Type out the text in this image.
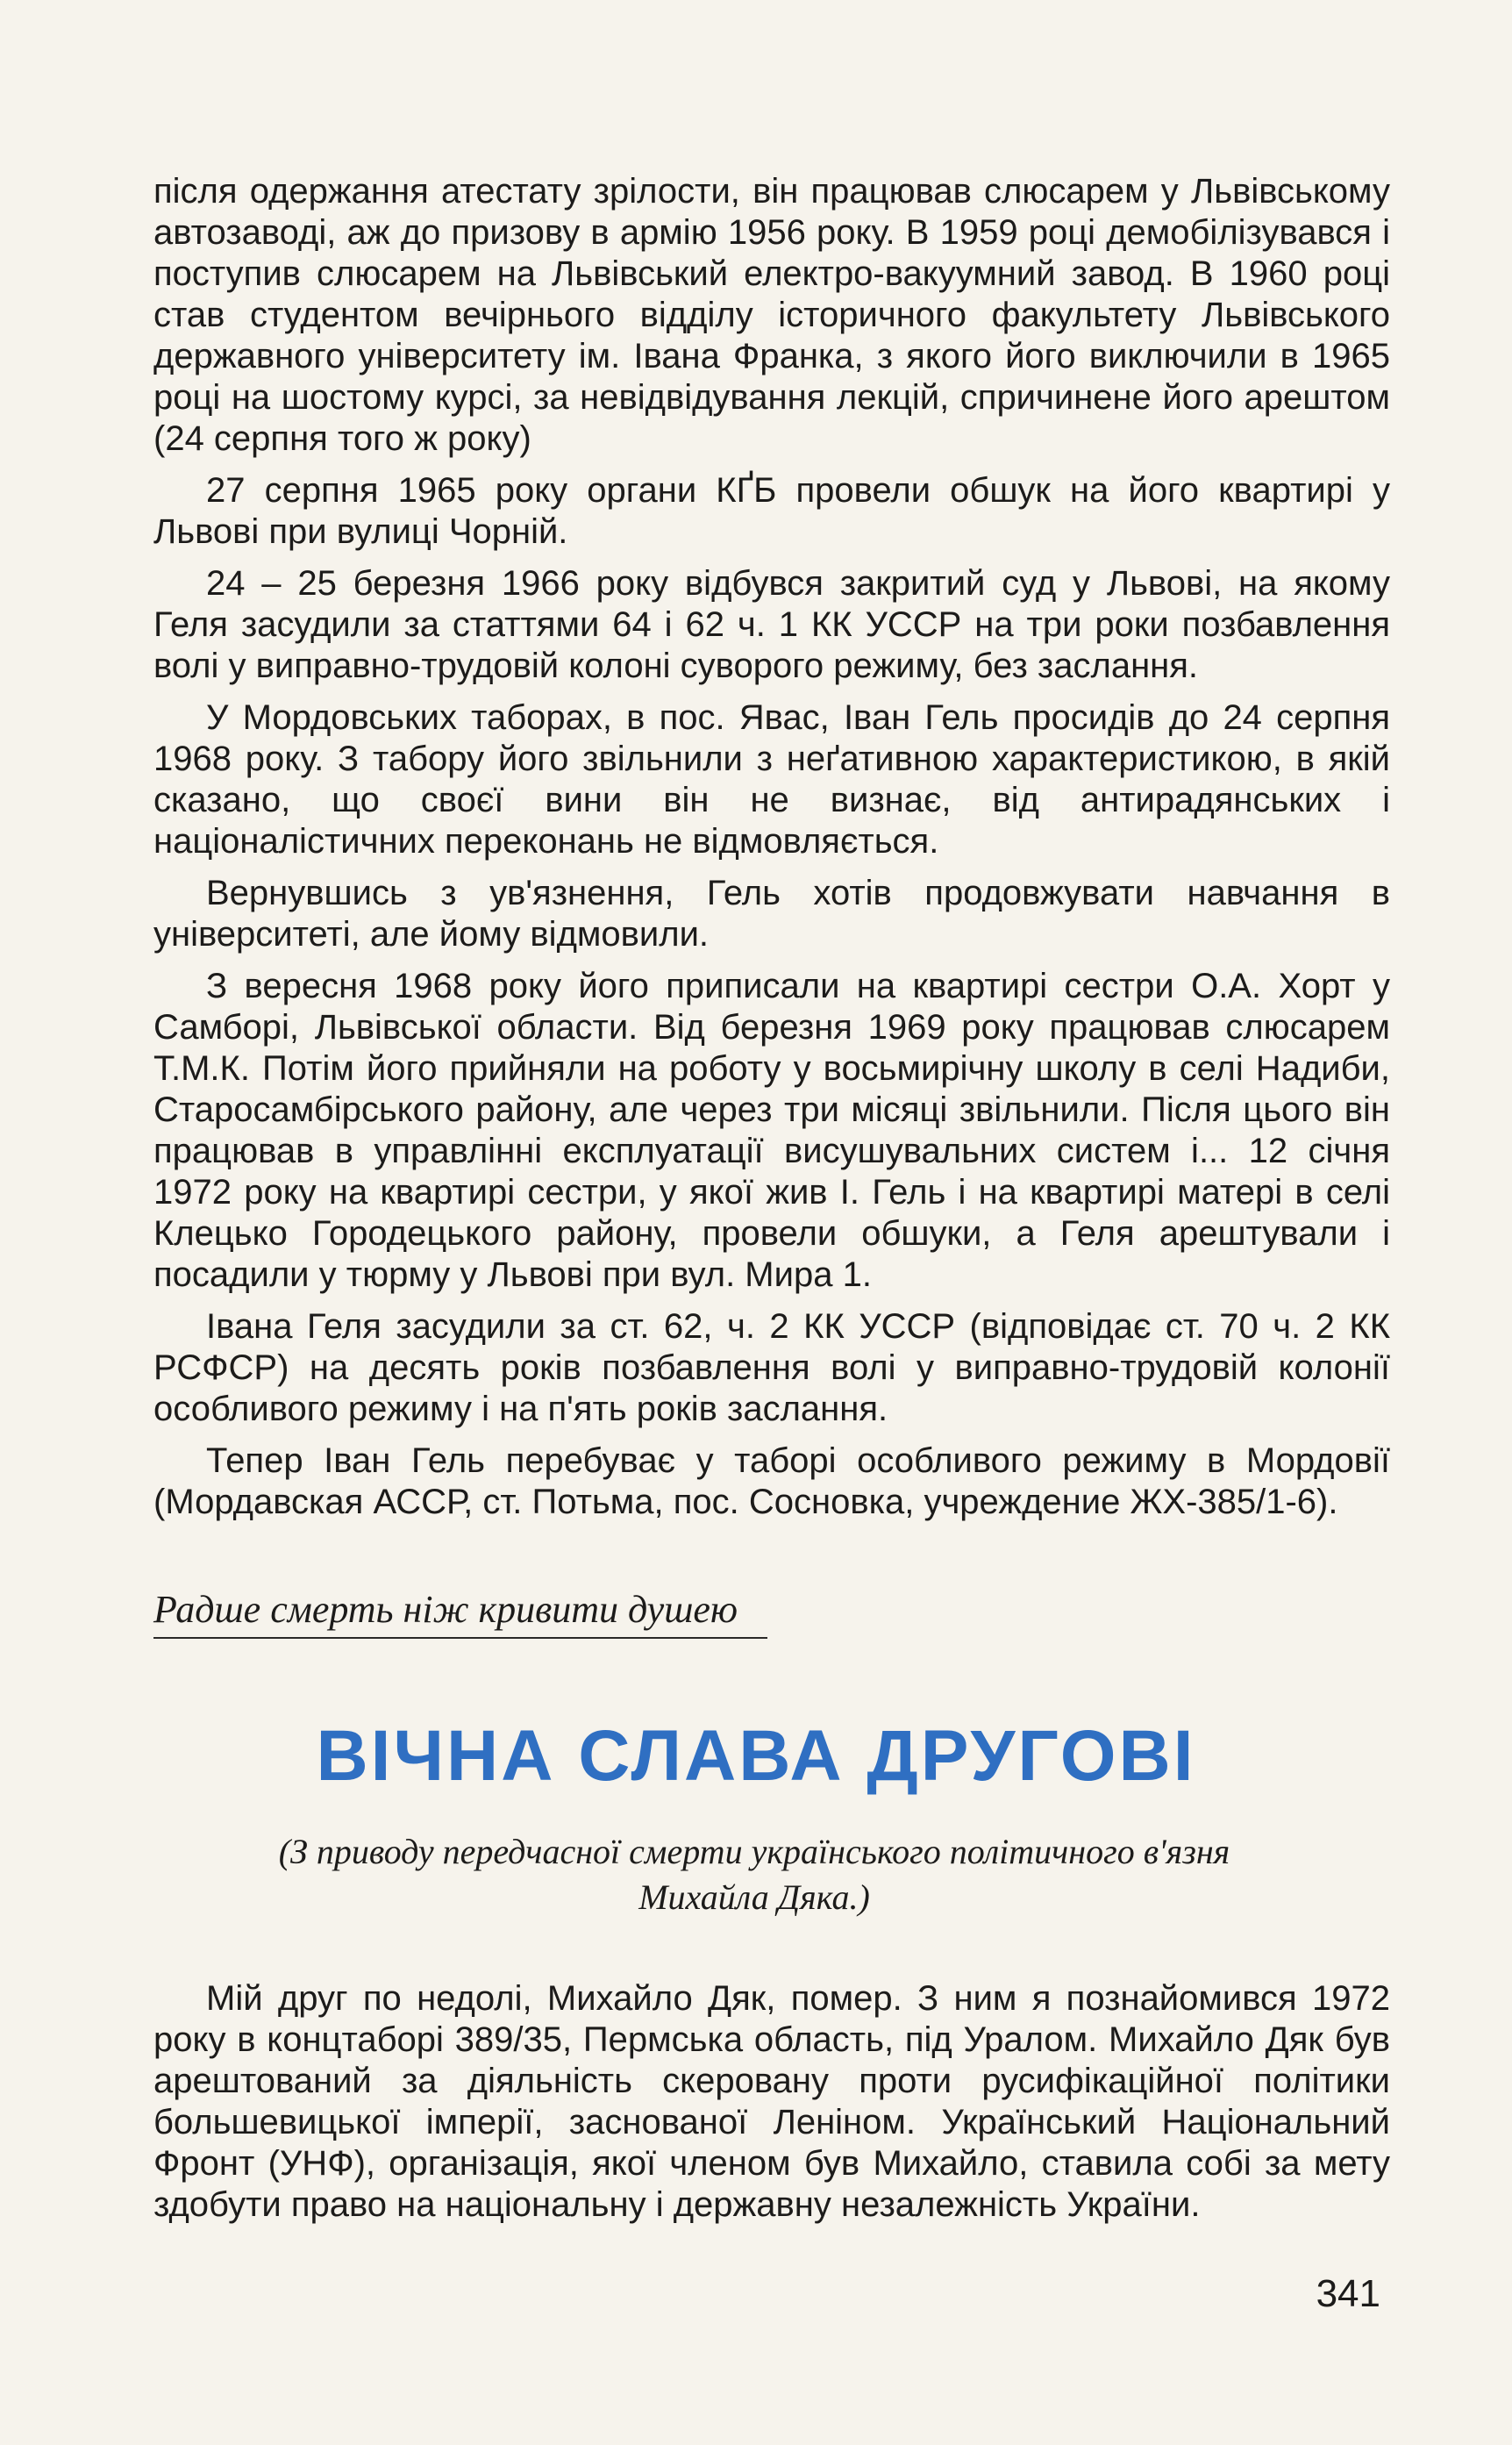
після одержання атестату зрілости, він працював слюсарем у Львівському автозаводі, аж до призову в армію 1956 року. В 1959 році демобілізувався і поступив слюсарем на Львівський електро-вакуумний завод. В 1960 році став студентом вечірнього відділу історичного факультету Львівського державного університету ім. Івана Франка, з якого його виключили в 1965 році на шостому курсі, за невідвідування лекцій, спричинене його арештом (24 серпня того ж року)

27 серпня 1965 року органи КҐБ провели обшук на його квартирі у Львові при вулиці Чорній.

24 – 25 березня 1966 року відбувся закритий суд у Львові, на якому Геля засудили за статтями 64 і 62 ч. 1 КК УССР на три роки позбавлення волі у виправно-трудовій колоні суворого режиму, без заслання.

У Мордовських таборах, в пос. Явас, Іван Гель просидів до 24 серпня 1968 року. З табору його звільнили з неґативною характеристикою, в якій сказано, що своєї вини він не визнає, від антирадянських і націоналістичних переконань не відмовляється.

Вернувшись з ув'язнення, Гель хотів продовжувати навчання в університеті, але йому відмовили.

З вересня 1968 року його приписали на квартирі сестри О.А. Хорт у Самборі, Львівської области. Від березня 1969 року працював слюсарем Т.М.К. Потім його прийняли на роботу у восьмирічну школу в селі Надиби, Старосамбірського району, але через три місяці звільнили. Після цього він працював в управлінні експлуатації висушувальних систем і... 12 січня 1972 року на квартирі сестри, у якої жив І. Гель і на квартирі матері в селі Клецько Городецького району, провели обшуки, а Геля арештували і посадили у тюрму у Львові при вул. Мира 1.

Івана Геля засудили за ст. 62, ч. 2 КК УССР (відповідає ст. 70 ч. 2 КК РСФСР) на десять років позбавлення волі у виправно-трудовій колонії особливого режиму і на п'ять років заслання.

Тепер Іван Гель перебуває у таборі особливого режиму в Мордовії (Мордавская АССР, ст. Потьма, пос. Сосновка, учреждение ЖХ-385/1-6).

Радше смерть ніж кривити душею
ВІЧНА СЛАВА ДРУГОВІ
(З приводу передчасної смерти українського політичного в'язня Михайла Дяка.)

Мій друг по недолі, Михайло Дяк, помер. З ним я познайомився 1972 року в концтаборі 389/35, Пермська область, під Уралом. Михайло Дяк був арештований за діяльність скеровану проти русифікаційної політики большевицької імперії, заснованої Леніном. Український Національний Фронт (УНФ), організація, якої членом був Михайло, ставила собі за мету здобути право на національну і державну незалежність України.

341
